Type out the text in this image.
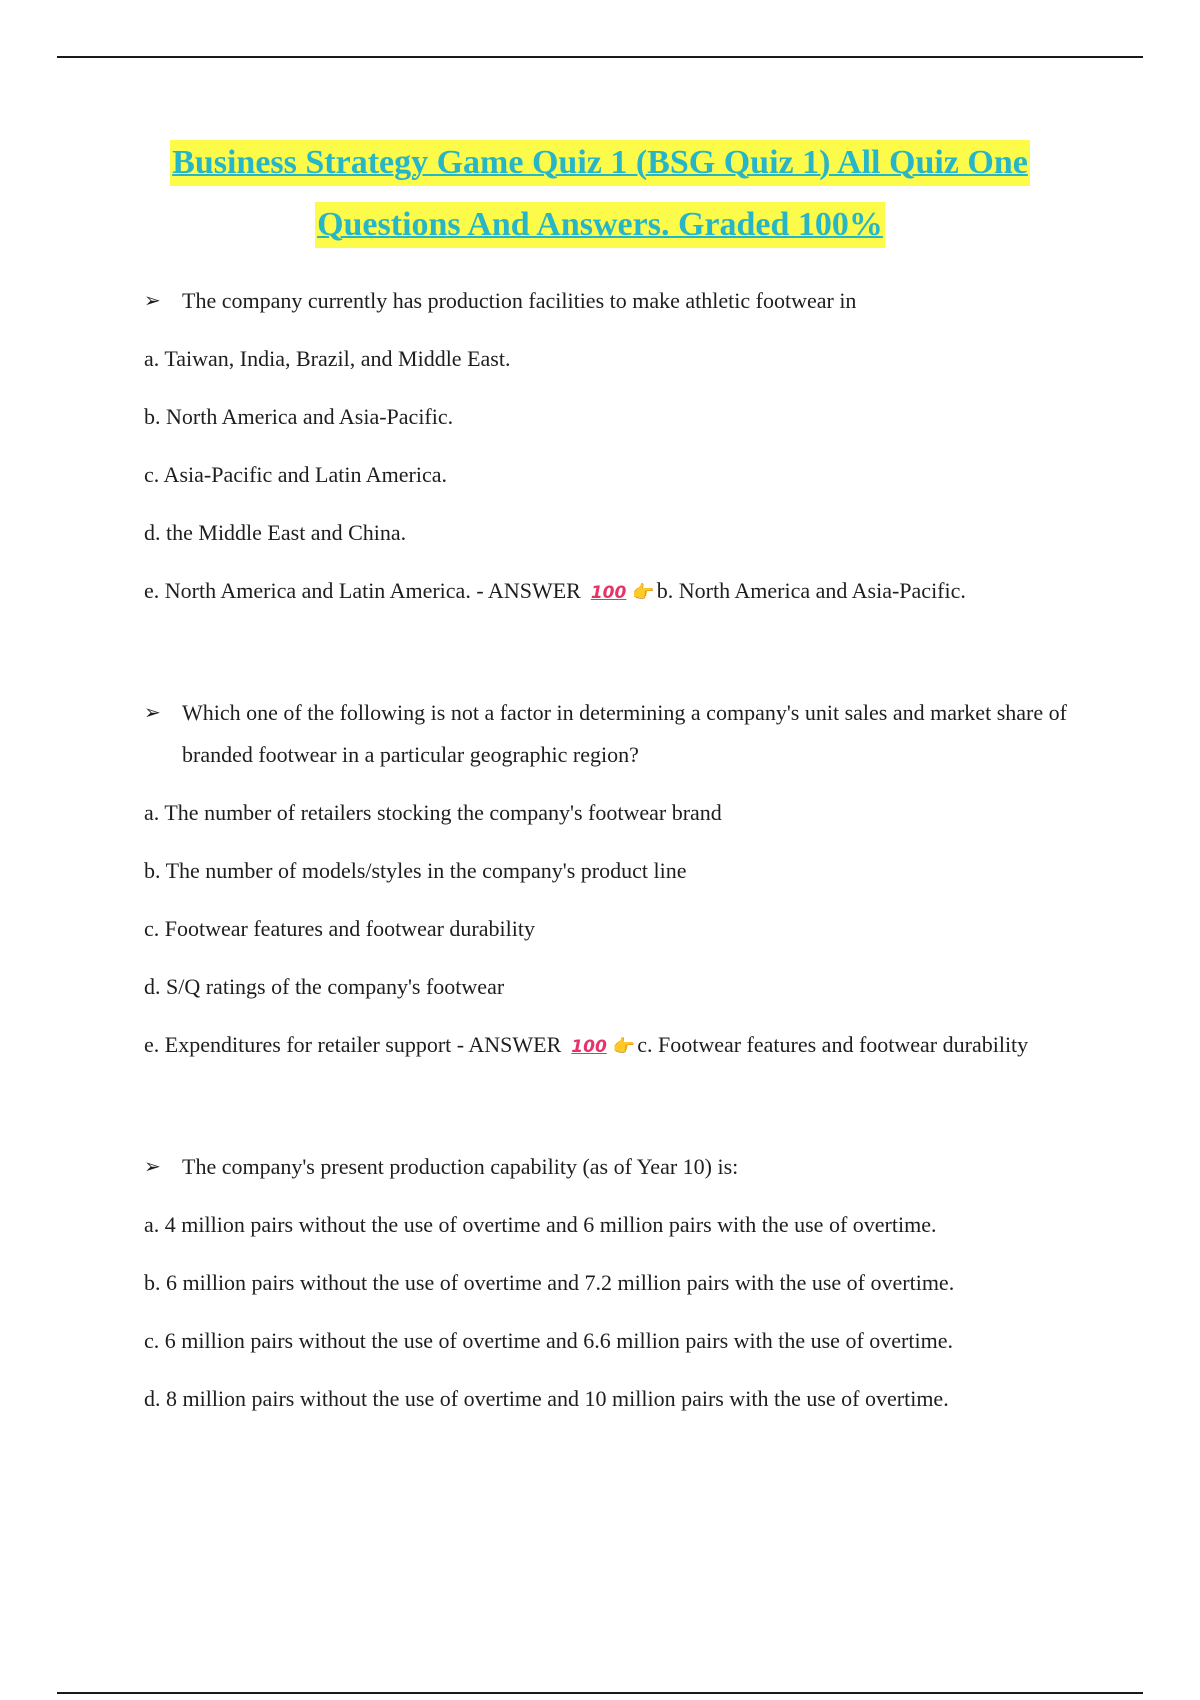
Business Strategy Game Quiz 1 (BSG Quiz 1) All Quiz One
Questions And Answers. Graded 100%
➢ The company currently has production facilities to make athletic footwear in
a. Taiwan, India, Brazil, and Middle East.
b. North America and Asia-Pacific.
c. Asia-Pacific and Latin America.
d. the Middle East and China.
e. North America and Latin America. - ANSWER 100 👉b. North America and Asia-Pacific.
➢ Which one of the following is not a factor in determining a company's unit sales and market share of branded footwear in a particular geographic region?
a. The number of retailers stocking the company's footwear brand
b. The number of models/styles in the company's product line
c. Footwear features and footwear durability
d. S/Q ratings of the company's footwear
e. Expenditures for retailer support - ANSWER 100 👉c. Footwear features and footwear durability
➢ The company's present production capability (as of Year 10) is:
a. 4 million pairs without the use of overtime and 6 million pairs with the use of overtime.
b. 6 million pairs without the use of overtime and 7.2 million pairs with the use of overtime.
c. 6 million pairs without the use of overtime and 6.6 million pairs with the use of overtime.
d. 8 million pairs without the use of overtime and 10 million pairs with the use of overtime.
